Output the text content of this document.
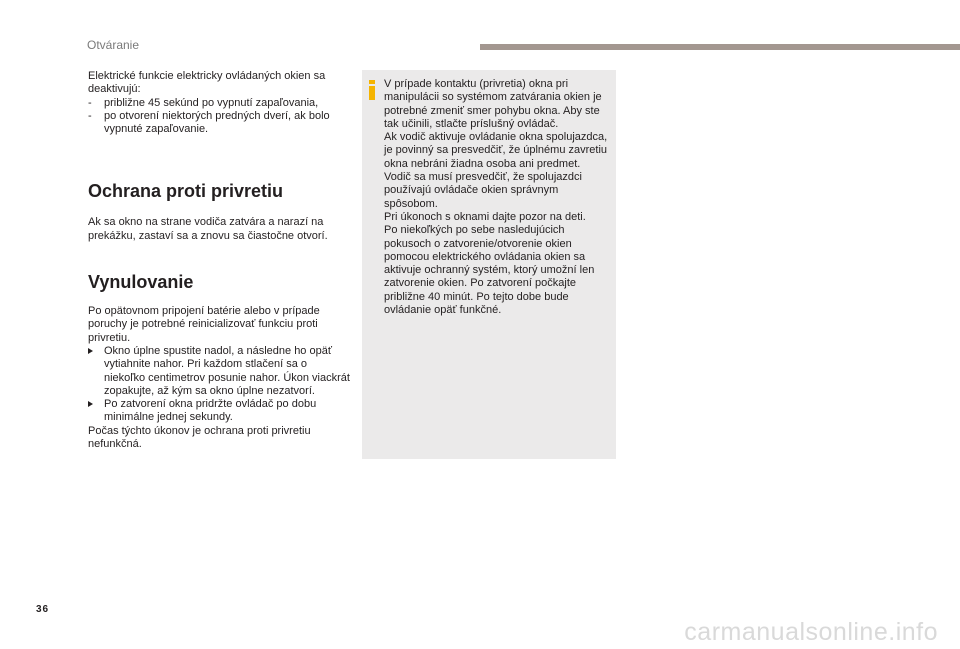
Otváranie

Elektrické funkcie elektricky ovládaných okien sa deaktivujú:

- približne 45 sekúnd po vypnutí zapaľovania,
- po otvorení niektorých predných dverí, ak bolo vypnuté zapaľovanie.
Ochrana proti privretiu

Ak sa okno na strane vodiča zatvára a narazí na prekážku, zastaví sa a znovu sa čiastočne otvorí.

Vynulovanie

Po opätovnom pripojení batérie alebo v prípade poruchy je potrebné reinicializovať funkciu proti privretiu.

Okno úplne spustite nadol, a následne ho opäť vytiahnite nahor. Pri každom stlačení sa o niekoľko centimetrov posunie nahor. Úkon viackrát zopakujte, až kým sa okno úplne nezatvorí.
Po zatvorení okna pridržte ovládač po dobu minimálne jednej sekundy.

Počas týchto úkonov je ochrana proti privretiu nefunkčná.

V prípade kontaktu (privretia) okna pri manipulácii so systémom zatvárania okien je potrebné zmeniť smer pohybu okna. Aby ste tak učinili, stlačte príslušný ovládač.

Ak vodič aktivuje ovládanie okna spolujazdca, je povinný sa presvedčiť, že úplnému zavretiu okna nebráni žiadna osoba ani predmet.

Vodič sa musí presvedčiť, že spolujazdci používajú ovládače okien správnym spôsobom.

Pri úkonoch s oknami dajte pozor na deti.

Po niekoľkých po sebe nasledujúcich pokusoch o zatvorenie/otvorenie okien pomocou elektrického ovládania okien sa aktivuje ochranný systém, ktorý umožní len zatvorenie okien. Po zatvorení počkajte približne 40 minút. Po tejto dobe bude ovládanie opäť funkčné.

36
carmanualsonline.info
